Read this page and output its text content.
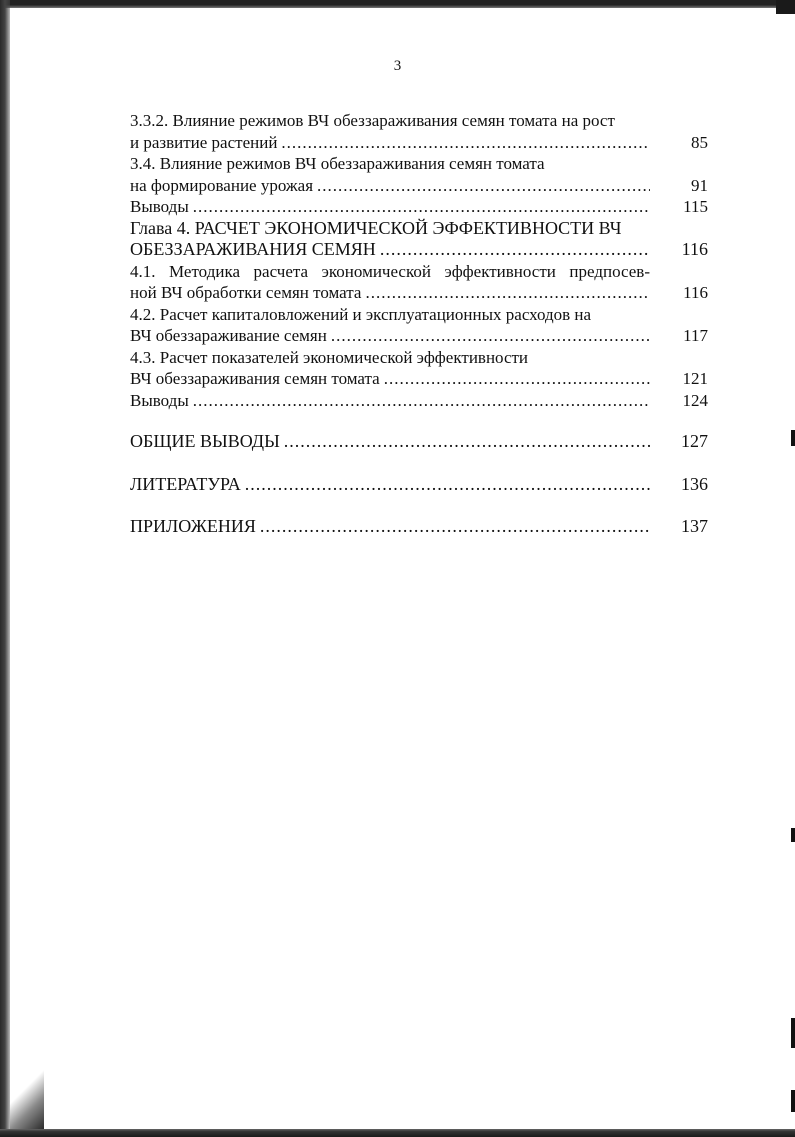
3
3.3.2. Влияние режимов ВЧ обеззараживания семян томата на рост
и развитие растений .....	85
3.4. Влияние режимов ВЧ обеззараживания семян томата
на формирование урожая .....	91
Выводы .....	115
Глава 4. РАСЧЕТ ЭКОНОМИЧЕСКОЙ ЭФФЕКТИВНОСТИ ВЧ
ОБЕЗЗАРАЖИВАНИЯ СЕМЯН .....	116
4.1. Методика расчета экономической эффективности предпосев-
ной ВЧ обработки семян томата .....	116
4.2. Расчет капиталовложений и эксплуатационных расходов на
ВЧ обеззараживание семян .....	117
4.3. Расчет показателей экономической эффективности
ВЧ обеззараживания семян томата .....	121
Выводы .....	124
ОБЩИЕ ВЫВОДЫ .....	127
ЛИТЕРАТУРА .....	136
ПРИЛОЖЕНИЯ .....	137
